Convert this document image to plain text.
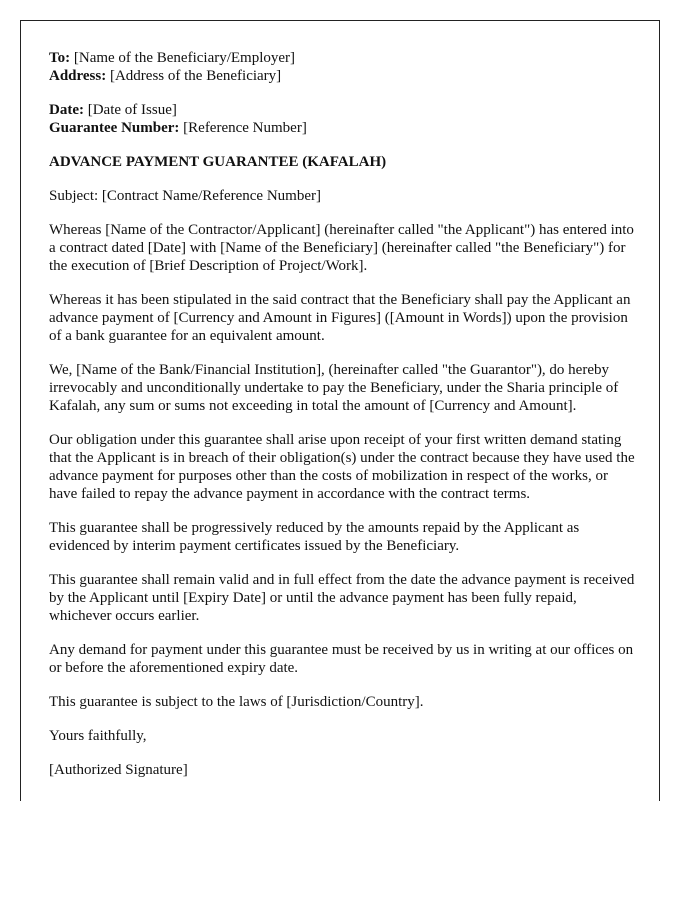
To: [Name of the Beneficiary/Employer]
Address: [Address of the Beneficiary]
Date: [Date of Issue]
Guarantee Number: [Reference Number]
ADVANCE PAYMENT GUARANTEE (KAFALAH)

Subject: [Contract Name/Reference Number]

Whereas [Name of the Contractor/Applicant] (hereinafter called "the Applicant") has entered into a contract dated [Date] with [Name of the Beneficiary] (hereinafter called "the Beneficiary") for the execution of [Brief Description of Project/Work].

Whereas it has been stipulated in the said contract that the Beneficiary shall pay the Applicant an advance payment of [Currency and Amount in Figures] ([Amount in Words]) upon the provision of a bank guarantee for an equivalent amount.

We, [Name of the Bank/Financial Institution], (hereinafter called "the Guarantor"), do hereby irrevocably and unconditionally undertake to pay the Beneficiary, under the Sharia principle of Kafalah, any sum or sums not exceeding in total the amount of [Currency and Amount].

Our obligation under this guarantee shall arise upon receipt of your first written demand stating that the Applicant is in breach of their obligation(s) under the contract because they have used the advance payment for purposes other than the costs of mobilization in respect of the works, or have failed to repay the advance payment in accordance with the contract terms.

This guarantee shall be progressively reduced by the amounts repaid by the Applicant as evidenced by interim payment certificates issued by the Beneficiary.

This guarantee shall remain valid and in full effect from the date the advance payment is received by the Applicant until [Expiry Date] or until the advance payment has been fully repaid, whichever occurs earlier.

Any demand for payment under this guarantee must be received by us in writing at our offices on or before the aforementioned expiry date.

This guarantee is subject to the laws of [Jurisdiction/Country].

Yours faithfully,

[Authorized Signature]
